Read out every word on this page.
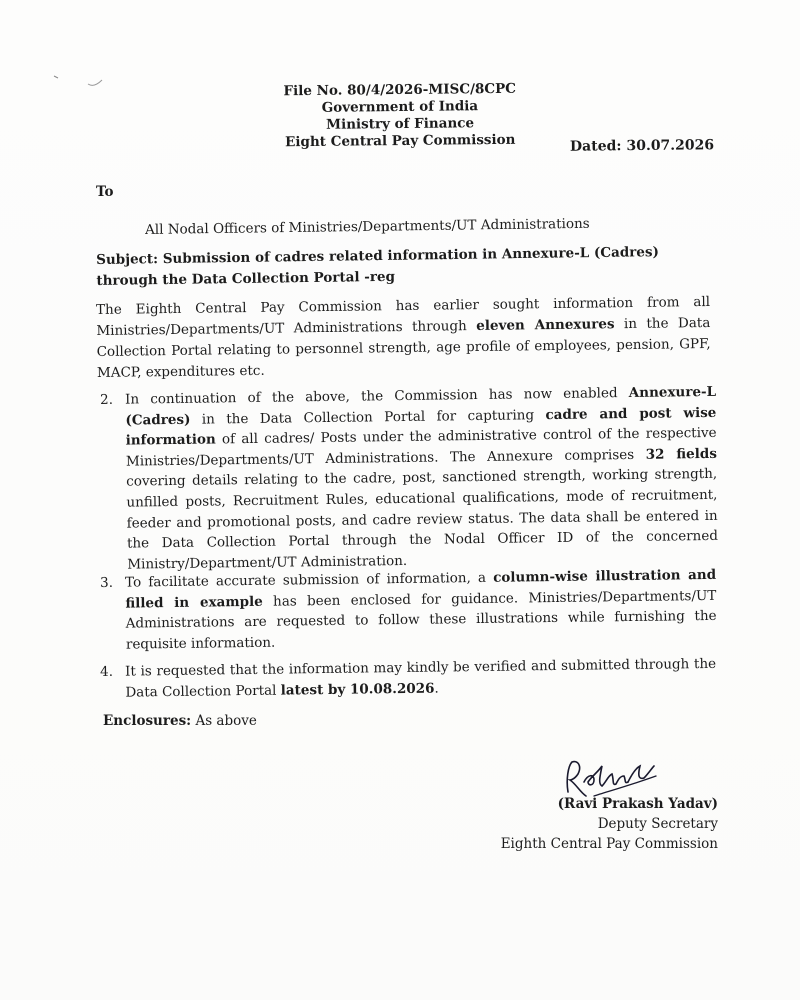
File No. 80/4/2026-MISC/8CPC
Government of India
Ministry of Finance
Eight Central Pay Commission	Dated: 30.07.2026
To
All Nodal Officers of Ministries/Departments/UT Administrations
Subject: Submission of cadres related information in Annexure-L (Cadres) through the Data Collection Portal -reg
The Eighth Central Pay Commission has earlier sought information from all Ministries/Departments/UT Administrations through eleven Annexures in the Data Collection Portal relating to personnel strength, age profile of employees, pension, GPF, MACP, expenditures etc.
2. In continuation of the above, the Commission has now enabled Annexure-L (Cadres) in the Data Collection Portal for capturing cadre and post wise information of all cadres/ Posts under the administrative control of the respective Ministries/Departments/UT Administrations. The Annexure comprises 32 fields covering details relating to the cadre, post, sanctioned strength, working strength, unfilled posts, Recruitment Rules, educational qualifications, mode of recruitment, feeder and promotional posts, and cadre review status. The data shall be entered in the Data Collection Portal through the Nodal Officer ID of the concerned Ministry/Department/UT Administration.
3. To facilitate accurate submission of information, a column-wise illustration and filled in example has been enclosed for guidance. Ministries/Departments/UT Administrations are requested to follow these illustrations while furnishing the requisite information.
4. It is requested that the information may kindly be verified and submitted through the Data Collection Portal latest by 10.08.2026.
Enclosures: As above
(Ravi Prakash Yadav)
Deputy Secretary
Eighth Central Pay Commission
